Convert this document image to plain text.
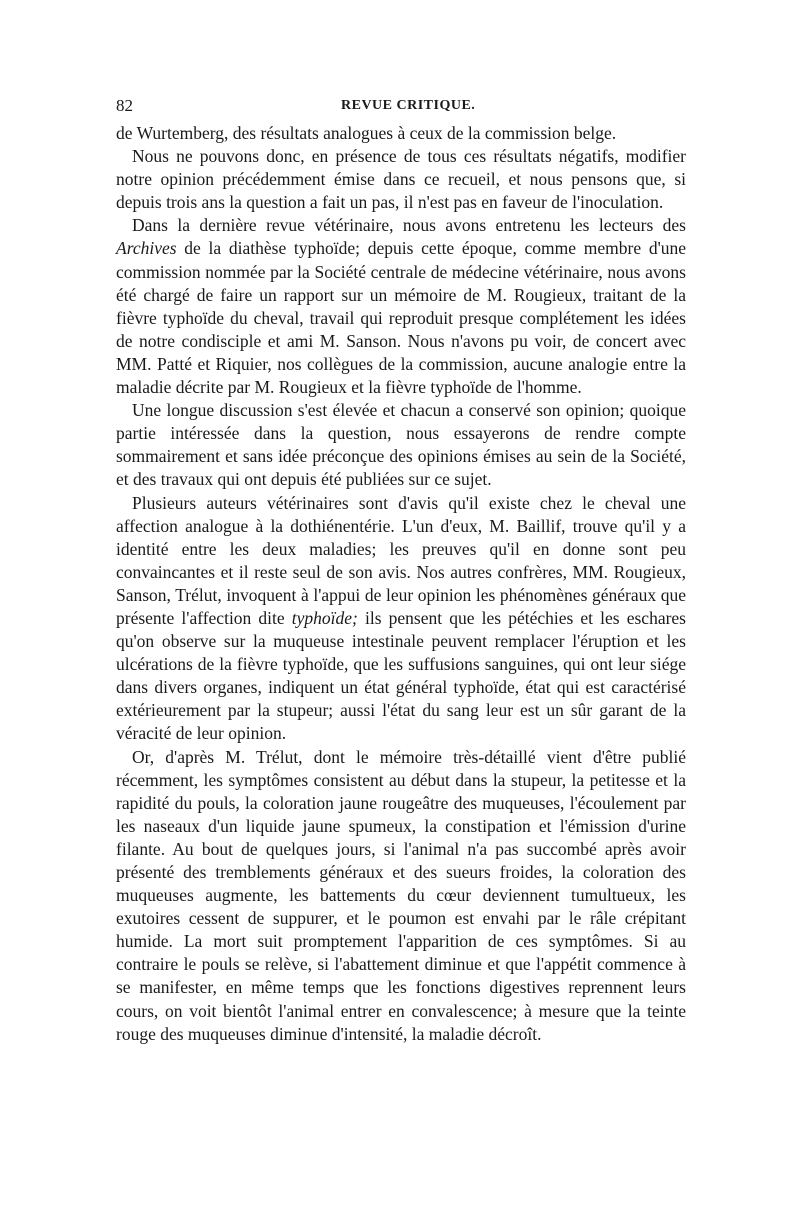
82	REVUE CRITIQUE.

de Wurtemberg, des résultats analogues à ceux de la commission belge.

Nous ne pouvons donc, en présence de tous ces résultats négatifs, modifier notre opinion précédemment émise dans ce recueil, et nous pensons que, si depuis trois ans la question a fait un pas, il n'est pas en faveur de l'inoculation.

Dans la dernière revue vétérinaire, nous avons entretenu les lecteurs des Archives de la diathèse typhoïde; depuis cette époque, comme membre d'une commission nommée par la Société centrale de médecine vétérinaire, nous avons été chargé de faire un rapport sur un mémoire de M. Rougieux, traitant de la fièvre typhoïde du cheval, travail qui reproduit presque complétement les idées de notre condisciple et ami M. Sanson. Nous n'avons pu voir, de concert avec MM. Patté et Riquier, nos collègues de la commission, aucune analogie entre la maladie décrite par M. Rougieux et la fièvre typhoïde de l'homme.

Une longue discussion s'est élevée et chacun a conservé son opinion; quoique partie intéressée dans la question, nous essayerons de rendre compte sommairement et sans idée préconçue des opinions émises au sein de la Société, et des travaux qui ont depuis été publiées sur ce sujet.

Plusieurs auteurs vétérinaires sont d'avis qu'il existe chez le cheval une affection analogue à la dothiénentérie. L'un d'eux, M. Baillif, trouve qu'il y a identité entre les deux maladies; les preuves qu'il en donne sont peu convaincantes et il reste seul de son avis. Nos autres confrères, MM. Rougieux, Sanson, Trélut, invoquent à l'appui de leur opinion les phénomènes généraux que présente l'affection dite typhoïde; ils pensent que les pétéchies et les eschares qu'on observe sur la muqueuse intestinale peuvent remplacer l'éruption et les ulcérations de la fièvre typhoïde, que les suffusions sanguines, qui ont leur siége dans divers organes, indiquent un état général typhoïde, état qui est caractérisé extérieurement par la stupeur; aussi l'état du sang leur est un sûr garant de la véracité de leur opinion.

Or, d'après M. Trélut, dont le mémoire très-détaillé vient d'être publié récemment, les symptômes consistent au début dans la stupeur, la petitesse et la rapidité du pouls, la coloration jaune rougeâtre des muqueuses, l'écoulement par les naseaux d'un liquide jaune spumeux, la constipation et l'émission d'urine filante. Au bout de quelques jours, si l'animal n'a pas succombé après avoir présenté des tremblements généraux et des sueurs froides, la coloration des muqueuses augmente, les battements du cœur deviennent tumultueux, les exutoires cessent de suppurer, et le poumon est envahi par le râle crépitant humide. La mort suit promptement l'apparition de ces symptômes. Si au contraire le pouls se relève, si l'abattement diminue et que l'appétit commence à se manifester, en même temps que les fonctions digestives reprennent leurs cours, on voit bientôt l'animal entrer en convalescence; à mesure que la teinte rouge des muqueuses diminue d'intensité, la maladie décroît.
